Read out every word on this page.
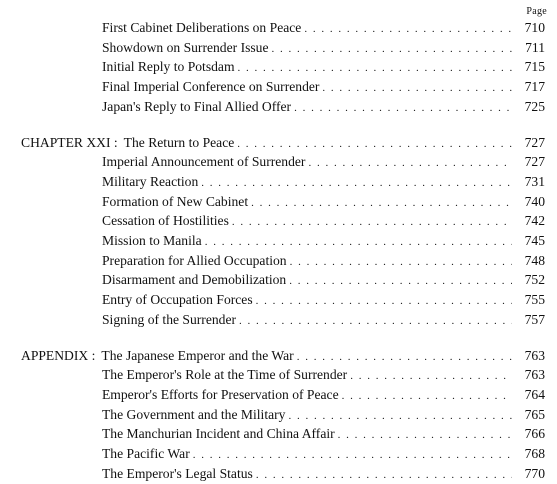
Page
First Cabinet Deliberations on Peace . . .	710
Showdown on Surrender Issue . . .	711
Initial Reply to Potsdam . . .	715
Final Imperial Conference on Surrender . . .	717
Japan's Reply to Final Allied Offer . . .	725
CHAPTER XXI : The Return to Peace . . .	727
Imperial Announcement of Surrender . . .	727
Military Reaction . . .	731
Formation of New Cabinet . . .	740
Cessation of Hostilities . . .	742
Mission to Manila . . .	745
Preparation for Allied Occupation . . .	748
Disarmament and Demobilization . . .	752
Entry of Occupation Forces . . .	755
Signing of the Surrender . . .	757
APPENDIX : The Japanese Emperor and the War . . .	763
The Emperor's Role at the Time of Surrender . . .	763
Emperor's Efforts for Preservation of Peace . . .	764
The Government and the Military . . .	765
The Manchurian Incident and China Affair . . .	766
The Pacific War . . .	768
The Emperor's Legal Status . . .	770
